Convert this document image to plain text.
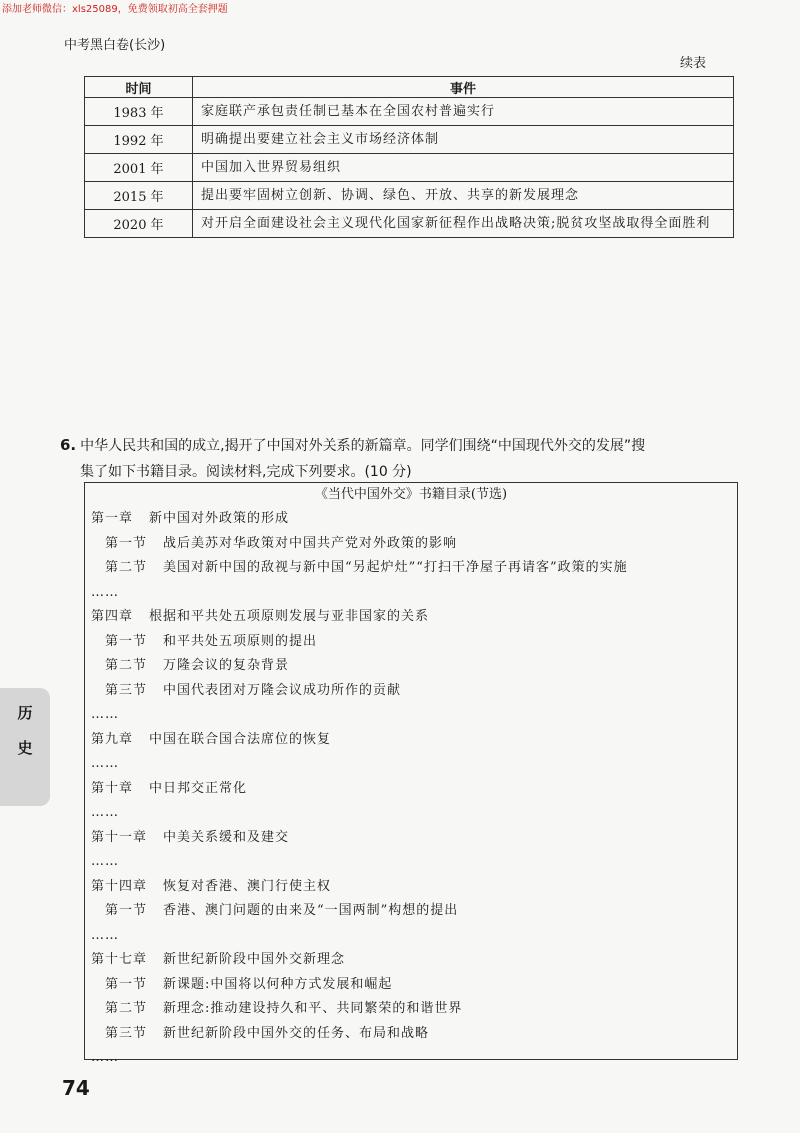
添加老师微信：xls25089，免费领取初高全套押题
中考黑白卷(长沙)
续表
时间	事件
1983 年	家庭联产承包责任制已基本在全国农村普遍实行
1992 年	明确提出要建立社会主义市场经济体制
2001 年	中国加入世界贸易组织
2015 年	提出要牢固树立创新、协调、绿色、开放、共享的新发展理念
2020 年	对开启全面建设社会主义现代化国家新征程作出战略决策;脱贫攻坚战取得全面胜利
6. 中华人民共和国的成立,揭开了中国对外关系的新篇章。同学们围绕“中国现代外交的发展”搜
集了如下书籍目录。阅读材料,完成下列要求。(10 分)
《当代中国外交》书籍目录(节选)
第一章 新中国对外政策的形成
第一节 战后美苏对华政策对中国共产党对外政策的影响
第二节 美国对新中国的敌视与新中国“另起炉灶”“打扫干净屋子再请客”政策的实施
……
第四章 根据和平共处五项原则发展与亚非国家的关系
第一节 和平共处五项原则的提出
第二节 万隆会议的复杂背景
第三节 中国代表团对万隆会议成功所作的贡献
……
第九章 中国在联合国合法席位的恢复
……
第十章 中日邦交正常化
……
第十一章 中美关系缓和及建交
……
第十四章 恢复对香港、澳门行使主权
第一节 香港、澳门问题的由来及“一国两制”构想的提出
……
第十七章 新世纪新阶段中国外交新理念
第一节 新课题:中国将以何种方式发展和崛起
第二节 新理念:推动建设持久和平、共同繁荣的和谐世界
第三节 新世纪新阶段中国外交的任务、布局和战略
……
历
史
74
